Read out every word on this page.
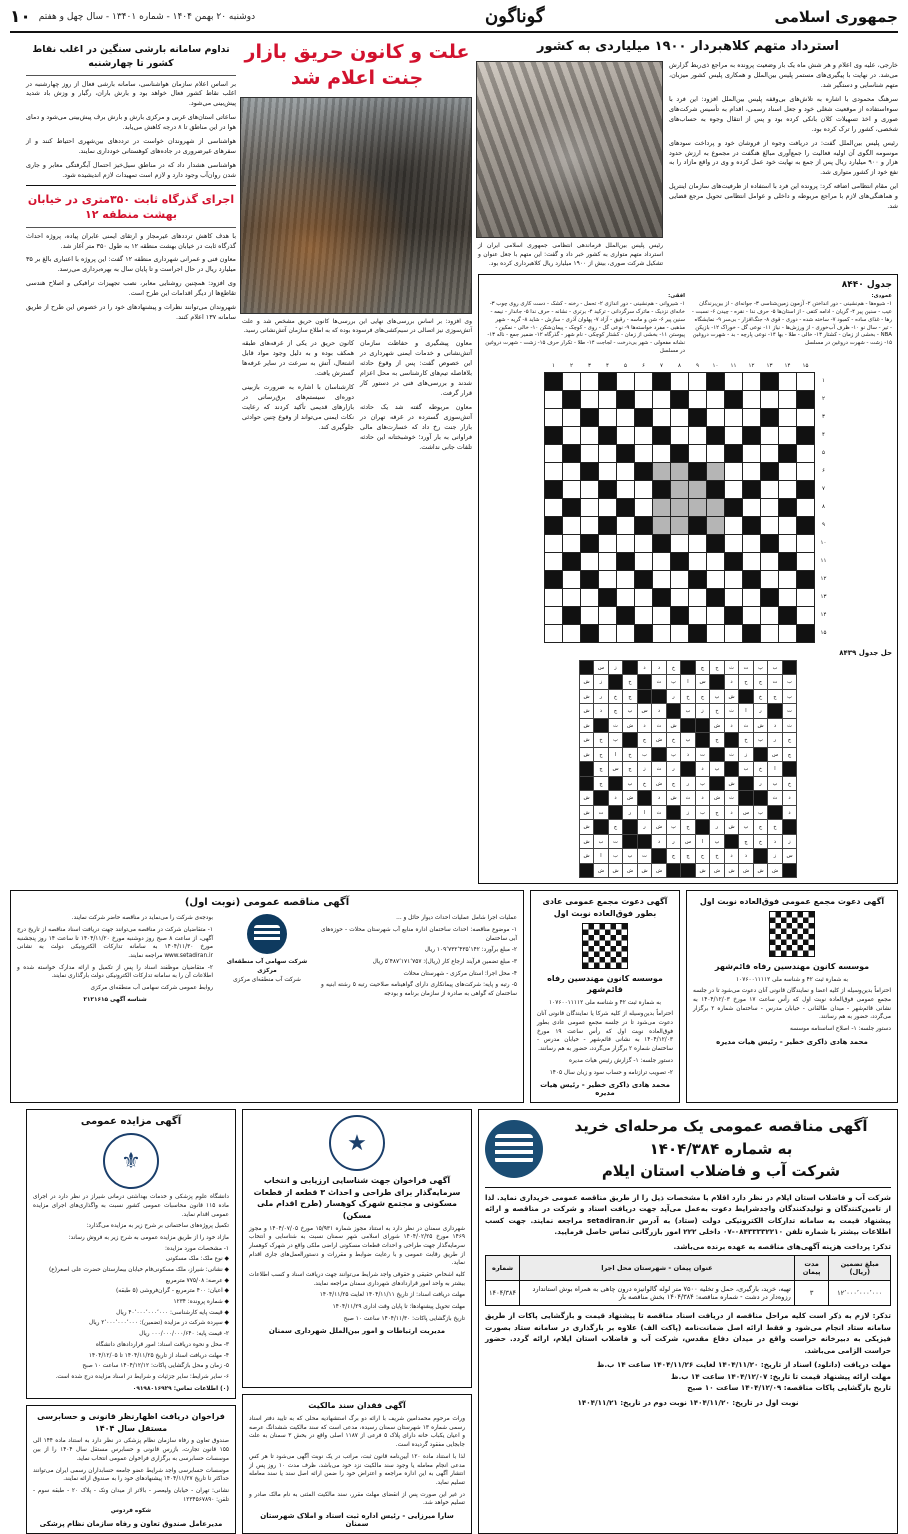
جمهوری اسلامی
گوناگون
دوشنبه ۲۰ بهمن ۱۴۰۴ - شماره ۱۳۴۰۱ - سال چهل و هفتم
۱۰
استرداد متهم کلاهبردار ۱۹۰۰ میلیاردی به کشور
خارجی، علیه وی اعلام و هر شش ماه یک بار وضعیت پرونده به مراجع ذی‌ربط گزارش می‌شد. در نهایت با پیگیری‌های مستمر پلیس بین‌الملل و همکاری پلیس کشور میزبان، متهم شناسایی و دستگیر شد.
سرهنگ محمودی با اشاره به تلاش‌های بی‌وقفه پلیس بین‌الملل افزود: این فرد با سوءاستفاده از موقعیت شغلی خود و جعل اسناد رسمی، اقدام به تأسیس شرکت‌های صوری و اخذ تسهیلات کلان بانکی کرده بود و پس از انتقال وجوه به حساب‌های شخصی، کشور را ترک کرده بود.
رئیس پلیس بین‌الملل گفت: در دریافت وجوه از فروشان خود و پرداخت سودهای موسومه الگوی آن اولیه فعالیت را جمع‌آوری مبالغ هنگفت در مجموع به ارزش حدود هزار و ۹۰۰ میلیارد ریال پس از جمع به نهایت خود عمل کرده و وی در واقع مازاد را به نفع خود از کشور متواری شد.
این مقام انتظامی اضافه کرد: پرونده این فرد با استفاده از ظرفیت‌های سازمان اینترپل و هماهنگی‌های لازم با مراجع مربوطه و داخلی و عوامل انتظامی تحویل مرجع قضایی شد.
رئیس پلیس بین‌الملل فرماندهی انتظامی جمهوری اسلامی ایران از استرداد متهم متواری به کشور خبر داد و گفت: این متهم با جعل عنوان و تشکیل شرکت صوری، بیش از ۱۹۰۰ میلیارد ریال کلاهبرداری کرده بود.
جدول ۸۴۴۰
عمودی:
۱- شیوه‌ها - هم‌نشینی - دور انداختن ۲- آزمون زمین‌شناسی ۳- جوانه‌ای - از بین‌برندگان عیب - سنین پیر ۴- گریان - ادامه کتفی - از استان‌ها ۵- حرف ندا - نقره - چیدن ۶- نسبت - رها - غذای ساده - کمبود ۷- ساخته شده - دوری - قوی ۸- جنگ‌افزار - بی‌سر ۹- نمایشگاه - تیر - سال نو ۱۰- ظرف آب‌خوری - از ورزش‌ها - نیاز ۱۱- نوعی گل - خوراک ۱۲- بازیکن NBA - بخشی از زمان - کشتار ۱۳- خالی - طلا - بها ۱۴- نوعی پارچه - بد - شهرت دروغین ۱۵- زشت - شهرت دروغین در مسلسل
افقی:
۱- شیروانی - هم‌نشینی - دور اندازی ۲- تحمل - رخنه - کشک - دست کاری روی چوب ۳- خانه‌ای نزدیک - ماترک سرگردانی - ترکید ۴- برتری - نشانه - حرف ندا ۵- جاندار - نیمه - سنین پیر ۶- شن و ماسه - رقیق - آزاد ۷- پهلوان آذری - سازش - شاید ۸- گریه - شهر مذهبی - مفرد خواسته‌ها ۹- نوعی گل - روی - کوچک - پیمان‌شکن ۱۰- خالی - نمکین - پیوستن ۱۱- بخشی از زمان - کشتار کوچکی - نام شهر - گذرگاه ۱۲- ضمیر جمع - ناله ۱۳- نشانه مفعولی - شهر بی‌درخت - لجاجت ۱۴- طلا - تکرار حرف ۱۵- زشت - شهرت دروغین در مسلسل
	۱۵	۱۴	۱۳	۱۲	۱۱	۱۰	۹	۸	۷	۶	۵	۴	۳	۲	۱
۱															
۲															
۳															
۴															
۵															
۶															
۷															
۸															
۹															
۱۰															
۱۱															
۱۲															
۱۳															
۱۴															
۱۵															
حل جدول ۸۴۳۹
	ب	پ	ت	ث	ج	چ		خ	د	ذ		ز	س	
ب	ت	ج	ح	د		س	ا	پ	ث		خ		ز	ش
پ	ج	خ		ش	پ	ج	خ	ر			ج	خ	ر	ش
ت		ر	ا	ث	خ	ز	ب		د	س	پ	چ	ذ	ش
ث	د	ش	ث	د	ش			ش	ث	د	ش	ث		ش
ج	ر	پ	خ		ج		پ	خ	ش	ج		پ	خ	ش
چ	س		ز	ث		ت	ذ	پ		ب	خ	ا	ح	ش
	ا	خ	ب		پ	ذ		ر	ث	ز	ج	س	چ	
خ	پ	ر		ش		پ	ر	ج	ش	خ	پ		ج	
د	ث			ث	ش	د	ث	ش	د		ش	د		ش
ذ		پ	س	د	ج	ب	ز		ث	ا	ر		ت	ش
	خ	ج	پ	ش	ر		ج	پ	ش	ر		ج		ش
ز	ذ	خ	چ		پ	ا	س	ر	د			ت	ب	ش
س	ز		ذ	د	خ	ح	چ	ج		ت	پ	ب	ا	ش
	ش	ش	ش	ش	ش	ش			ش	ش	ش	ش	ش	
علت و کانون حریق بازار جنت اعلام شد
وی افزود: بر اساس بررسی‌های نهایی این بررسی‌ها کانون حریق مشخص شد و علت آتش‌سوزی نیز اتصالی در سیم‌کشی‌های فرسوده بوده که به اطلاع سازمان آتش‌نشانی رسید.
معاون پیشگیری و حفاظت سازمان آتش‌نشانی و خدمات ایمنی شهرداری در این خصوص گفت: پس از وقوع حادثه بلافاصله تیم‌های کارشناسی به محل اعزام شدند و بررسی‌های فنی در دستور کار قرار گرفت.
معاون مربوطه گفته شد یک حادثه آتش‌سوزی گسترده در غرفه تهران در بازار جنت رخ داد که خسارت‌های مالی فراوانی به بار آورد؛ خوشبختانه این حادثه تلفات جانی نداشت.
کانون حریق در یکی از غرفه‌های طبقه همکف بوده و به دلیل وجود مواد قابل اشتعال، آتش به سرعت در سایر غرفه‌ها گسترش یافت.
کارشناسان با اشاره به ضرورت بازبینی دوره‌ای سیستم‌های برق‌رسانی در بازارهای قدیمی تأکید کردند که رعایت نکات ایمنی می‌تواند از وقوع چنین حوادثی جلوگیری کند.
تداوم سامانه بارشی سنگین در اغلب نقاط کشور تا چهارشنبه
بر اساس اعلام سازمان هواشناسی، سامانه بارشی فعال از روز چهارشنبه در اغلب نقاط کشور فعال خواهد بود و بارش باران، رگبار و وزش باد شدید پیش‌بینی می‌شود.
ساعاتی استان‌های غربی و مرکزی بارش و بارش برف پیش‌بینی می‌شود و دمای هوا در این مناطق تا ۸ درجه کاهش می‌یابد.
هواشناسی از شهروندان خواست در تردد‌های بین‌شهری احتیاط کنند و از سفرهای غیرضروری در جاده‌های کوهستانی خودداری نمایند.
هواشناسی هشدار داد که در مناطق سیل‌خیز احتمال آبگرفتگی معابر و جاری شدن روان‌آب وجود دارد و لازم است تمهیدات لازم اندیشیده شود.
اجرای گذرگاه ثابت ۳۵۰متری در خیابان بهشت منطقه ۱۲
با هدف کاهش ترددهای غیرمجاز و ارتقای ایمنی عابران پیاده، پروژه احداث گذرگاه ثابت در خیابان بهشت منطقه ۱۲ به طول ۳۵۰ متر آغاز شد.
معاون فنی و عمرانی شهرداری منطقه ۱۲ گفت: این پروژه با اعتباری بالغ بر ۳۵ میلیارد ریال در حال اجراست و تا پایان سال به بهره‌برداری می‌رسد.
وی افزود: همچنین روشنایی معابر، نصب تجهیزات ترافیکی و اصلاح هندسی تقاطع‌ها از دیگر اقدامات این طرح است.
شهروندان می‌توانند نظرات و پیشنهادهای خود را در خصوص این طرح از طریق سامانه ۱۳۷ اعلام کنند.
آگهی دعوت مجمع عمومی فوق‌العاده نوبت اول
موسسه کانون مهندسین رفاه قائم‌شهر

به شماره ثبت ۴۲ و شناسه ملی ۱۰۷۶۰۰۱۱۱۱۲

احتراماً بدین‌وسیله از کلیه اعضا و نمایندگان قانونی آنان دعوت می‌شود تا در جلسه مجمع عمومی فوق‌العاده نوبت اول که رأس ساعت ۱۷ مورخ ۱۴۰۴/۱۲/۰۳ به نشانی قائم‌شهر - میدان طالقانی - خیابان مدرس - ساختمان شماره ۲ برگزار می‌گردد، حضور به هم رسانند.

دستور جلسه: ۱- اصلاح اساسنامه موسسه

محمد هادی ذاکری خطیر - رئیس هیات مدیره
آگهی دعوت مجمع عمومی عادی بطور فوق‌العاده نوبت اول
موسسه کانون مهندسین رفاه قائم‌شهر

به شماره ثبت ۴۲ و شناسه ملی ۱۰۷۶۰۰۱۱۱۱۲

احتراماً بدین‌وسیله از کلیه شرکا یا نمایندگان قانونی آنان دعوت می‌شود تا در جلسه مجمع عمومی عادی بطور فوق‌العاده نوبت اول که رأس ساعت ۱۹ مورخ ۱۴۰۴/۱۲/۰۳ به نشانی قائم‌شهر - خیابان مدرس - ساختمان شماره ۲ برگزار می‌گردد، حضور به هم رسانند.

دستور جلسه: ۱- گزارش رئیس هیات مدیره

۲- تصویب ترازنامه و حساب سود و زیان سال ۱۴۰۵

محمد هادی ذاکری خطیر - رئیس هیات مدیره
آگهی مناقصه عمومی (نوبت اول)

عملیات اجرا شامل عملیات احداث دیوار حائل و ...

۱- موضوع مناقصه: احداث ساختمان اداره منابع آب شهرستان محلات - حوزه‌های آبی ساختمان

۲- مبلغ برآورد: ۱۰۹٬۷۳۲٬۴۳۵٬۱۴۲ ریال

۳- مبلغ تضمین فرآیند ارجاع کار (ریال): ۵٬۴۸۷٬۱۷۱٬۷۵۷ ریال

۴- محل اجرا: استان مرکزی - شهرستان محلات

۵- رتبه و پایه: شرکت‌های پیمانکاری دارای گواهینامه صلاحیت رتبه ۵ رشته ابنیه و ساختمان که گواهی به صادره از سازمان برنامه و بودجه

شرکت سهامی آب منطقه‌ای مرکزی
شرکت آب منطقه‌ای مرکزی

بودجه‌ی شرکت را می‌نماید در مناقصه حاضر شرکت نمایند.

۱- متقاضیان شرکت در مناقصه می‌توانند جهت دریافت اسناد مناقصه از تاریخ درج آگهی، از ساعت ۸ صبح روز دوشنبه مورخ ۱۴۰۴/۱۱/۲۰ تا ساعت ۱۴ روز پنجشنبه مورخ ۱۴۰۴/۱۱/۳۰ به سامانه تدارکات الکترونیکی دولت به نشانی www.setadiran.ir مراجعه نمایند.

۲- متقاضیان موظفند اسناد را پس از تکمیل و ارائه مدارک خواسته شده و اطلاعات آن را به سامانه تدارکات الکترونیکی دولت بارگذاری نمایند.

روابط عمومی شرکت سهامی آب منطقه‌ای مرکزی

شناسه آگهی ۲۱۲۱۶۱۵
آگهی مناقصه عمومی یک مرحله‌ای خرید
به شماره ۱۴۰۴/۳۸۴
شرکت آب و فاضلاب استان ایلام

شرکت آب و فاضلاب استان ایلام در نظر دارد اقلام با مشخصات ذیل را از طریق مناقصه عمومی خریداری نماید. لذا از تامین‌کنندگان و تولیدکنندگان واجدشرایط دعوت به‌عمل می‌آید جهت دریافت اسناد و شرکت در مناقصه و ارائه پیشنهاد قیمت به سامانه تدارکات الکترونیکی دولت (ستاد) به آدرس setadiran.ir مراجعه نمایند. جهت کسب اطلاعات بیشتر با شماره تلفن ۰۸۴۳۳۳۳۲۲۱۰-۰۷ داخلی ۲۲۲ امور بازرگانی تماس حاصل فرمایید.

تذکر: پرداخت هزینه آگهی‌های مناقصه به عهده برنده می‌باشد.

مبلغ تضمین (ریال)	مدت پیمان	عنوان پیمان - شهرستان محل اجرا	شماره
۱۲٬۰۰۰٬۰۰۰٬۰۰۰	۳	تهیه، خرید، بارگیری، حمل و تخلیه ۷۵۰۰ متر لوله گالوانیزه درون چاهی به همراه بوش استاندارد رزوه‌دار در دشت - شماره مناقصه: ۱۴۰۴/۳۸۴ بخش مناقصه بار	۱۴۰۴/۳۸۴

تذکر: لازم به ذکر است کلیه مراحل مناقصه از دریافت اسناد مناقصه تا پیشنهاد قیمت و بازگشایی پاکات از طریق سامانه ستاد انجام می‌شود و فقط ارائه اصل ضمانت‌نامه (پاکت الف) علاوه بر بارگذاری در سامانه ستاد بصورت فیزیکی به دبیرخانه حراست واقع در میدان دفاع مقدس، شرکت آب و فاضلاب استان ایلام، ارائه گردد. حضور حراست الزامی می‌باشد.

مهلت دریافت (دانلود) اسناد از تاریخ: ۱۴۰۴/۱۱/۲۰ لغایت ۱۴۰۴/۱۱/۲۶ ساعت ۱۴ ب.ظ
مهلت ارائه پیشنهاد قیمت تا تاریخ: ۱۴۰۴/۱۲/۰۷ ساعت ۱۴ ب.ظ
تاریخ بازگشایی پاکات مناقصه: ۱۴۰۴/۱۲/۰۹ ساعت ۱۰ صبح
نوبت اول در تاریخ: ۱۴۰۴/۱۱/۲۰ نوبت دوم در تاریخ: ۱۴۰۴/۱۱/۲۱
★
آگهی فراخوان جهت شناسایی ارزیابی و انتخاب سرمایه‌گذار برای طراحی و احداث ۳ قطعه از قطعات مسکونی و مجتمع شهرک کوهسار (طرح اقدام ملی مسکن)

شهرداری سمنان در نظر دارد به استناد مجوز شماره ۱۵/۹۳۱ مورخ ۱۴۰۴/۰۷/۰۵ و مجوز ۱۴۶۹ مورخ ۱۴۰۴/۰۲/۲۵ شورای اسلامی شهر سمنان نسبت به شناسایی و انتخاب سرمایه‌گذار جهت طراحی و احداث قطعات مسکونی اراضی ملکی واقع در شهرک کوهسار از طریق رقابت عمومی و با رعایت ضوابط و مقررات و دستورالعمل‌های جاری اقدام نماید.

کلیه اشخاص حقیقی و حقوقی واجد شرایط می‌توانند جهت دریافت اسناد و کسب اطلاعات بیشتر به واحد امور قراردادهای شهرداری سمنان مراجعه نمایند.

مهلت دریافت اسناد: از تاریخ ۱۴۰۴/۱۱/۱۱ لغایت ۱۴۰۴/۱۱/۲۵

مهلت تحویل پیشنهادها: تا پایان وقت اداری ۱۴۰۴/۱۱/۲۹

تاریخ بازگشایی پاکات: ۱۴۰۴/۱۱/۳۰ ساعت ۱۰ صبح

مدیریت ارتباطات و امور بین‌الملل شهرداری سمنان
آگهی فقدان سند مالکیت

وراث مرحوم محمدامین شریف با ارائه دو برگ استشهادیه محلی که به تایید دفتر اسناد رسمی شماره ۱۳ شهرستان سمنان رسیده، مدعی است که سند مالکیت ششدانگ عرصه و اعیان یکباب خانه دارای پلاک ۵ فرعی از ۱۱۸۷ اصلی واقع در بخش ۳ سمنان به علت جابجایی مفقود گردیده است.

لذا با استناد ماده ۱۲۰ آیین‌نامه قانون ثبت، مراتب در یک نوبت آگهی می‌شود تا هر کس مدعی انجام معامله یا وجود سند مالکیت نزد خود می‌باشد، ظرف مدت ۱۰ روز پس از انتشار آگهی به این اداره مراجعه و اعتراض خود را ضمن ارائه اصل سند یا سند معامله تسلیم نماید.

در غیر این صورت پس از انقضای مهلت مقرر، سند مالکیت المثنی به نام مالک صادر و تسلیم خواهد شد.

سارا میرزایی - رئیس اداره ثبت اسناد و املاک شهرستان سمنان
آگهی مزایده عمومی
⚜

دانشگاه علوم پزشکی و خدمات بهداشتی درمانی شیراز در نظر دارد در اجرای ماده ۱۱۵ قانون محاسبات عمومی کشور نسبت به واگذاری‌های اجرای مزایده عمومی اقدام نماید.

تکمیل پروژه‌های ساختمانی بر شرح زیر به مزایده می‌گذارد:

مازاد خود را از طریق مزایده عمومی به شرح زیر به فروش رساند:
۱- مشخصات مورد مزایده:
◆ نوع ملک: ملک مسکونی
◆ نشانی: شیراز، ملک مسکونی‌فام خیابان بیمارستان حضرت علی اصغر(ع)
◆ عرصه: ۷۷۵/۰۸ مترمربع
◆ اعیان: ۴۰۰ مترمربع - گران‌فروشی (۵ طبقه)
◆ شماره پرونده: ۱۲۳۴
◆ قیمت پایه کارشناسی: ۴۰٬۰۰۰٬۰۰۰٬۰۰۰ ریال
◆ سپرده شرکت در مزایده (تضمین): ۲٬۰۰۰٬۰۰۰٬۰۰۰ ریال
۲- قیمت پایه: ۰۰۰/۰۰۰/۰۰۰/۶۴۰ ریال
۳- محل و نحوه دریافت اسناد: امور قراردادهای دانشگاه
۴- مهلت دریافت اسناد از تاریخ ۱۴۰۴/۱۱/۲۵ تا ۱۴۰۴/۱۲/۰۵
۵- زمان و محل بازگشایی پاکات: ۱۴۰۴/۱۲/۱۲ ساعت ۱۰ صبح
۶- سایر شرایط: سایر جزئیات و شرایط در اسناد مزایده درج شده است.
(۰) اطلاعات تماس: ۰۹۱۹۸۰۱۶۹۲۹
فراخوان دریافت اظهارنظر قانونی و حسابرسی مستقل سال ۱۴۰۴

صندوق تعاون و رفاه سازمان نظام پزشکی در نظر دارد به استناد ماده ۱۴۴ الی ۱۵۵ قانون تجارت، بازرس قانونی و حسابرس مستقل سال ۱۴۰۴ را از بین موسسات حسابرسی به برگزاری فراخوان عمومی انتخاب نماید.

موسسات حسابرسی واجد شرایط عضو جامعه حسابداران رسمی ایران می‌توانند حداکثر تا تاریخ ۱۴۰۴/۱۱/۲۷ پیشنهادهای خود را به صندوق ارائه نمایند.

نشانی: تهران - خیابان ولیعصر - بالاتر از میدان ونک - پلاک ۲۰ - طبقه سوم - تلفن: ۱۲۳۴۵۶۷۸۹۰

شکوه فردوس
مدیرعامل صندوق تعاون و رفاه سازمان نظام پزشکی
